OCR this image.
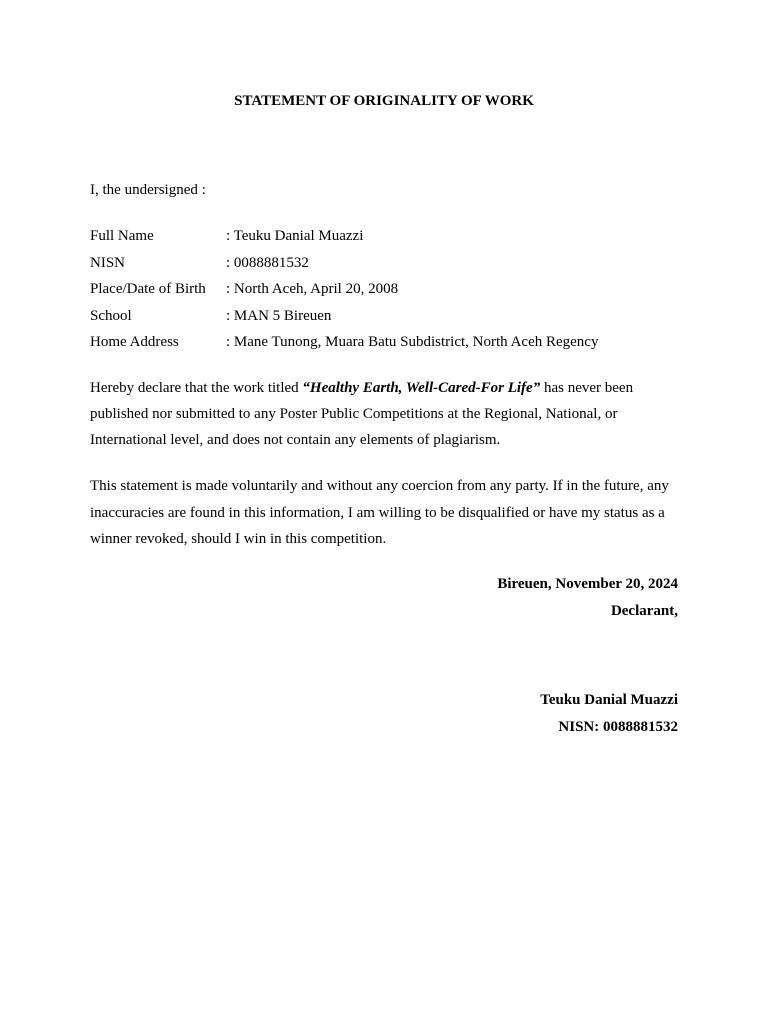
STATEMENT OF ORIGINALITY OF WORK
I, the undersigned :
Full Name	: Teuku Danial Muazzi
NISN	: 0088881532
Place/Date of Birth : North Aceh, April 20, 2008
School	: MAN 5 Bireuen
Home Address	: Mane Tunong, Muara Batu Subdistrict, North Aceh Regency
Hereby declare that the work titled “Healthy Earth, Well-Cared-For Life” has never been
published nor submitted to any Poster Public Competitions at the Regional, National, or
International level, and does not contain any elements of plagiarism.
This statement is made voluntarily and without any coercion from any party. If in the future, any
inaccuracies are found in this information, I am willing to be disqualified or have my status as a
winner revoked, should I win in this competition.
Bireuen, November 20, 2024
Declarant,
Teuku Danial Muazzi
NISN: 0088881532
